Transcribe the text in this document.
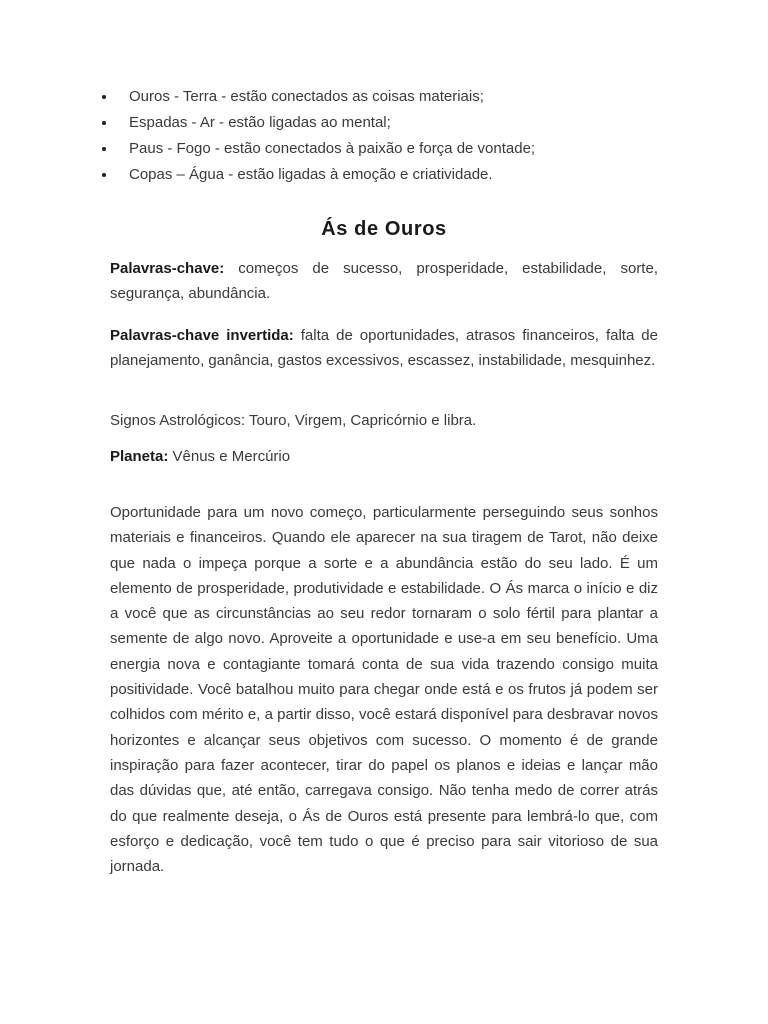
Ouros - Terra - estão conectados as coisas materiais;
Espadas - Ar - estão ligadas ao mental;
Paus - Fogo - estão conectados à paixão e força de vontade;
Copas – Água - estão ligadas à emoção e criatividade.
Ás de Ouros

Palavras-chave: começos de sucesso, prosperidade, estabilidade, sorte, segurança, abundância.

Palavras-chave invertida: falta de oportunidades, atrasos financeiros, falta de planejamento, ganância, gastos excessivos, escassez, instabilidade, mesquinhez.

Signos Astrológicos: Touro, Virgem, Capricórnio e libra.

Planeta: Vênus e Mercúrio

Oportunidade para um novo começo, particularmente perseguindo seus sonhos materiais e financeiros. Quando ele aparecer na sua tiragem de Tarot, não deixe que nada o impeça porque a sorte e a abundância estão do seu lado. É um elemento de prosperidade, produtividade e estabilidade. O Ás marca o início e diz a você que as circunstâncias ao seu redor tornaram o solo fértil para plantar a semente de algo novo. Aproveite a oportunidade e use-a em seu benefício. Uma energia nova e contagiante tomará conta de sua vida trazendo consigo muita positividade. Você batalhou muito para chegar onde está e os frutos já podem ser colhidos com mérito e, a partir disso, você estará disponível para desbravar novos horizontes e alcançar seus objetivos com sucesso. O momento é de grande inspiração para fazer acontecer, tirar do papel os planos e ideias e lançar mão das dúvidas que, até então, carregava consigo. Não tenha medo de correr atrás do que realmente deseja, o Ás de Ouros está presente para lembrá-lo que, com esforço e dedicação, você tem tudo o que é preciso para sair vitorioso de sua jornada.
